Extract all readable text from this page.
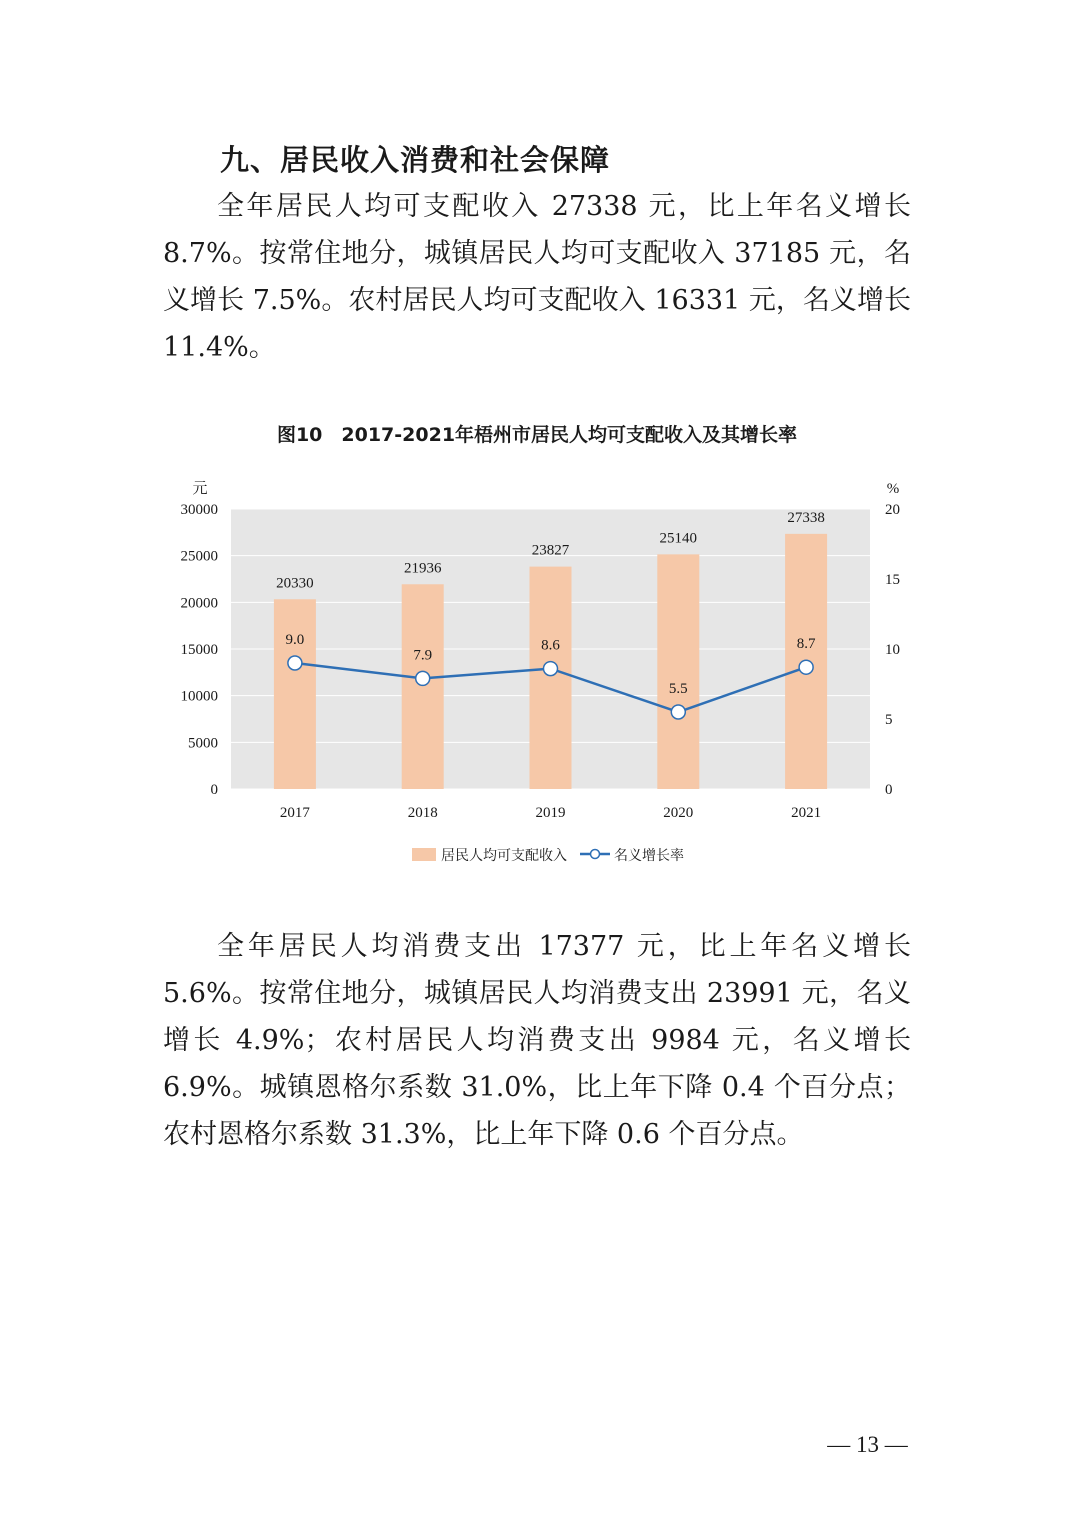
九、居民收入消费和社会保障

全年居民人均可支配收入 27338 元，比上年名义增长 8.7%。按常住地分，城镇居民人均可支配收入 37185 元，名义增长 7.5%。农村居民人均可支配收入 16331 元，名义增长 11.4%。

图10　2017-2021年梧州市居民人均可支配收入及其增长率
0
5000
10000
15000
20000
25000
30000
0
5
10
15
20
元	%
20330
21936
23827
25140
27338
2017	2018	2019	2020	2021
9.0
7.9
8.6
5.5
8.7
居民人均可支配收入	名义增长率

全年居民人均消费支出 17377 元，比上年名义增长 5.6%。按常住地分，城镇居民人均消费支出 23991 元，名义增长 4.9%；农村居民人均消费支出 9984 元，名义增长 6.9%。城镇恩格尔系数 31.0%，比上年下降 0.4 个百分点；农村恩格尔系数 31.3%，比上年下降 0.6 个百分点。

— 13 —
